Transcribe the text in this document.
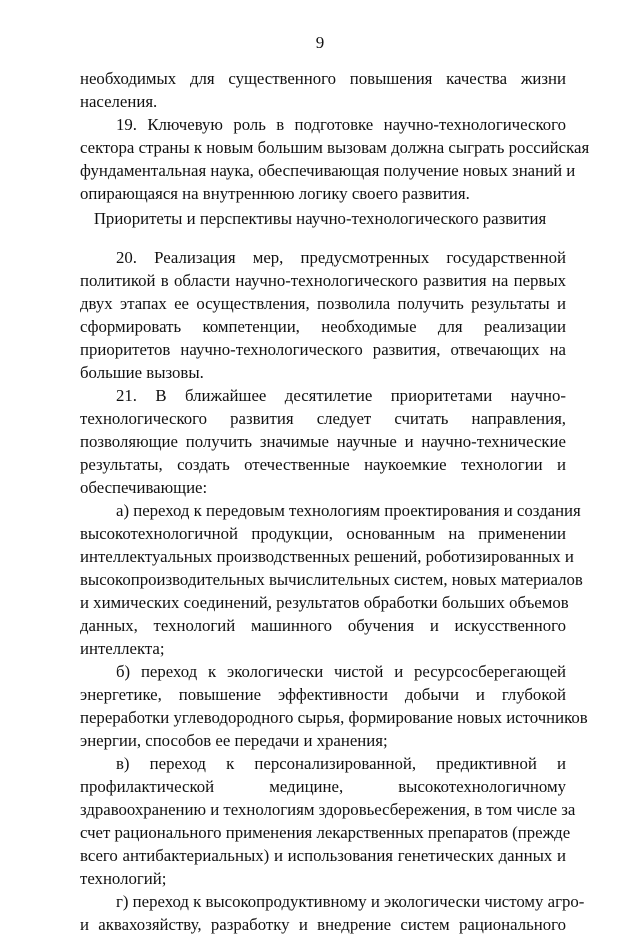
9
необходимых для существенного повышения качества жизни
населения.
19. Ключевую роль в подготовке научно-технологического
сектора страны к новым большим вызовам должна сыграть российская
фундаментальная наука, обеспечивающая получение новых знаний и
опирающаяся на внутреннюю логику своего развития.
Приоритеты и перспективы научно-технологического развития
20. Реализация мер, предусмотренных государственной
политикой в области научно-технологического развития на первых
двух этапах ее осуществления, позволила получить результаты и
сформировать компетенции, необходимые для реализации
приоритетов научно-технологического развития, отвечающих на
большие вызовы.
21. В ближайшее десятилетие приоритетами научно-
технологического развития следует считать направления,
позволяющие получить значимые научные и научно-технические
результаты, создать отечественные наукоемкие технологии и
обеспечивающие:
а) переход к передовым технологиям проектирования и создания
высокотехнологичной продукции, основанным на применении
интеллектуальных производственных решений, роботизированных и
высокопроизводительных вычислительных систем, новых материалов
и химических соединений, результатов обработки больших объемов
данных, технологий машинного обучения и искусственного
интеллекта;
б) переход к экологически чистой и ресурсосберегающей
энергетике, повышение эффективности добычи и глубокой
переработки углеводородного сырья, формирование новых источников
энергии, способов ее передачи и хранения;
в) переход к персонализированной, предиктивной и
профилактической медицине, высокотехнологичному
здравоохранению и технологиям здоровьесбережения, в том числе за
счет рационального применения лекарственных препаратов (прежде
всего антибактериальных) и использования генетических данных и
технологий;
г) переход к высокопродуктивному и экологически чистому агро-
и аквахозяйству, разработку и внедрение систем рационального
